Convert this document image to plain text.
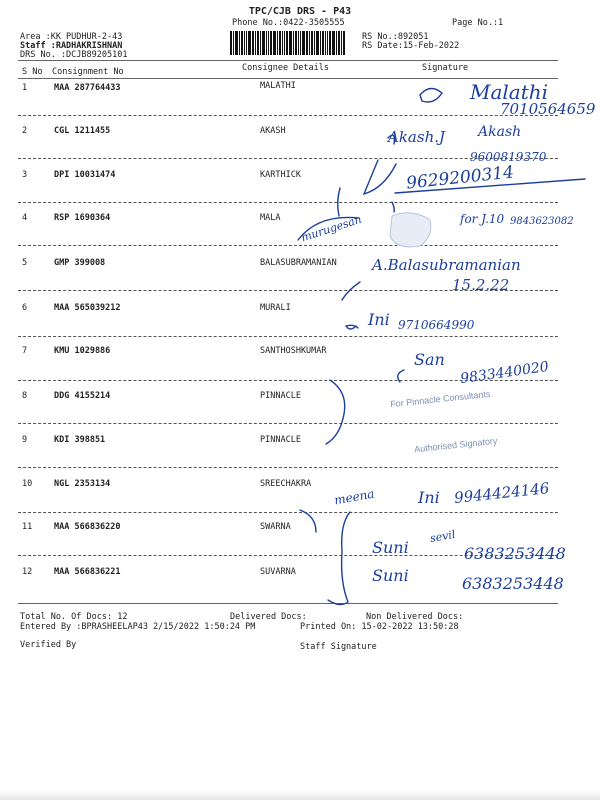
TPC/CJB DRS - P43
Phone No.:0422-3505555	Page No.:1
Area :KK PUDHUR-2-43
Staff :RADHAKRISHNAN
DRS No. :DCJB89205101
RS No.:892051
RS Date:15-Feb-2022
S No Consignment No	Consignee Details	Signature
1	MAA 287764433	MALATHI
2	CGL 1211455	AKASH
3	DPI 10031474	KARTHICK
4	RSP 1690364	MALA
5	GMP 399008	BALASUBRAMANIAN
6	MAA 565039212	MURALI
7	KMU 1029886	SANTHOSHKUMAR
8	DDG 4155214	PINNACLE
9	KDI 398851	PINNACLE
10	NGL 2353134	SREECHAKRA
11	MAA 566836220	SWARNA
12	MAA 566836221	SUVARNA
Malathi
7010564659
Akash.J Akash
9600819370
9629200314
murugesan	for J.10 9843623082
A.Balasubramanian
15.2.22
Ini 9710664990
San 9833440020
For Pinnacle Consultants
Authorised Signatory
meena	Ini 9944424146
sevil
Suni	6383253448
Suni	6383253448
Total No. Of Docs: 12	Delivered Docs:	Non Delivered Docs:
Entered By :BPRASHEELAP43 2/15/2022 1:50:24 PM	Printed On: 15-02-2022 13:50:28
Verified By	Staff Signature
